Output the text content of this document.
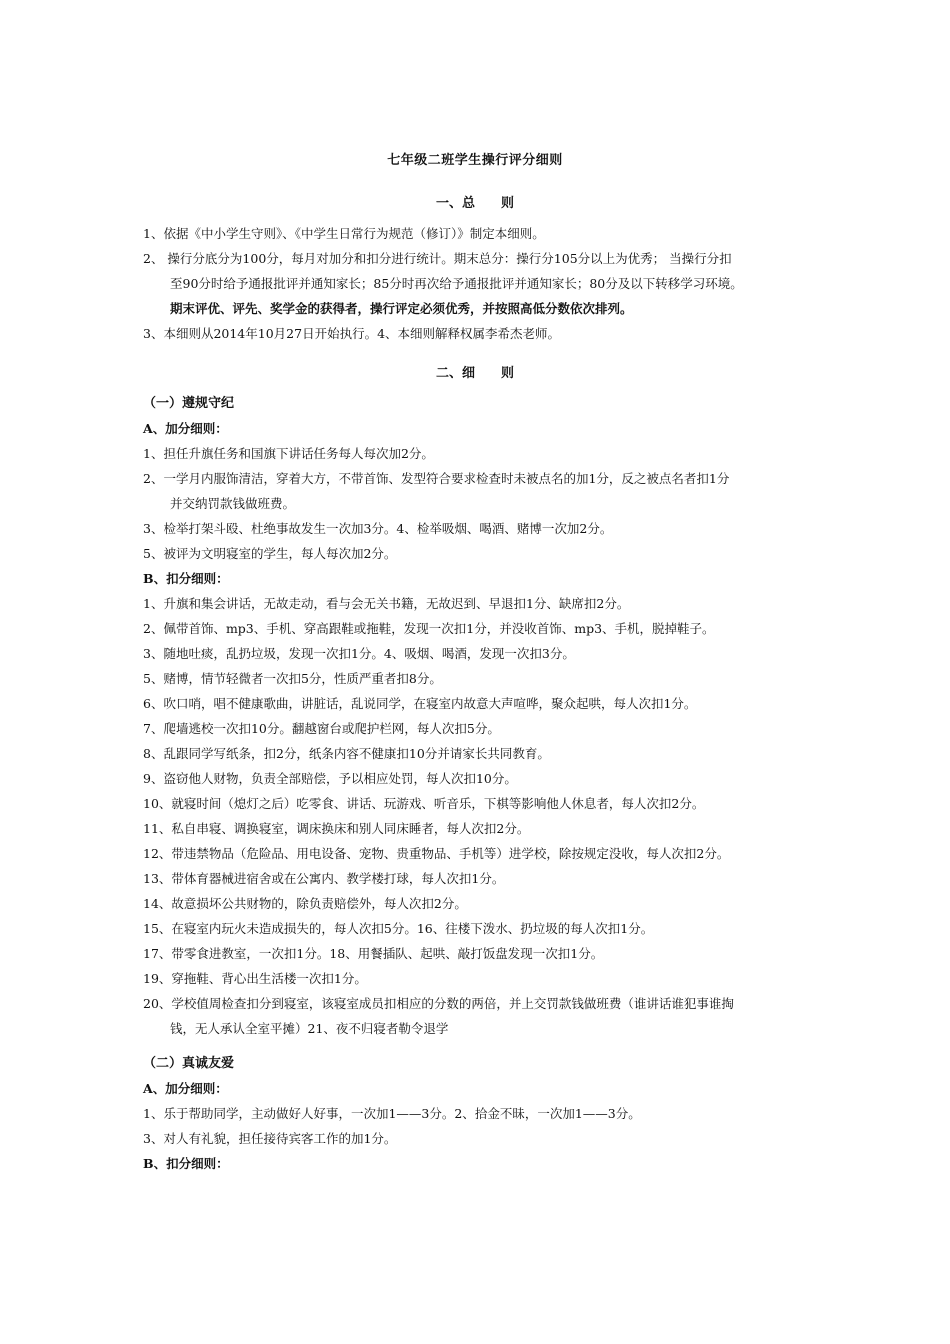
七年级二班学生操行评分细则
一、总　　则
1、依据《中小学生守则》、《中学生日常行为规范（修订）》制定本细则。
2、 操行分底分为100分，每月对加分和扣分进行统计。期末总分：操行分105分以上为优秀； 当操行分扣
至90分时给予通报批评并通知家长；85分时再次给予通报批评并通知家长；80分及以下转移学习环境。
期末评优、评先、奖学金的获得者，操行评定必须优秀，并按照高低分数依次排列。
3、本细则从2014年10月27日开始执行。4、本细则解释权属李希杰老师。
二、细　　则
（一）遵规守纪
A、加分细则：
1、担任升旗任务和国旗下讲话任务每人每次加2分。
2、一学月内服饰清洁，穿着大方，不带首饰、发型符合要求检查时未被点名的加1分，反之被点名者扣1分
并交纳罚款钱做班费。
3、检举打架斗殴、杜绝事故发生一次加3分。4、检举吸烟、喝酒、赌博一次加2分。
5、被评为文明寝室的学生，每人每次加2分。
B、扣分细则：
1、升旗和集会讲话，无故走动，看与会无关书籍，无故迟到、早退扣1分、缺席扣2分。
2、佩带首饰、mp3、手机、穿高跟鞋或拖鞋，发现一次扣1分，并没收首饰、mp3、手机，脱掉鞋子。
3、随地吐痰，乱扔垃圾，发现一次扣1分。4、吸烟、喝酒，发现一次扣3分。
5、赌博，情节轻微者一次扣5分，性质严重者扣8分。
6、吹口哨，唱不健康歌曲，讲脏话，乱说同学，在寝室内故意大声喧哗，聚众起哄，每人次扣1分。
7、爬墙逃校一次扣10分。翻越窗台或爬护栏网，每人次扣5分。
8、乱跟同学写纸条，扣2分，纸条内容不健康扣10分并请家长共同教育。
9、盗窃他人财物，负责全部赔偿，予以相应处罚，每人次扣10分。
10、就寝时间（熄灯之后）吃零食、讲话、玩游戏、听音乐，下棋等影响他人休息者，每人次扣2分。
11、私自串寝、调换寝室，调床换床和别人同床睡者，每人次扣2分。
12、带违禁物品（危险品、用电设备、宠物、贵重物品、手机等）进学校，除按规定没收，每人次扣2分。
13、带体育器械进宿舍或在公寓内、教学楼打球，每人次扣1分。
14、故意损坏公共财物的，除负责赔偿外，每人次扣2分。
15、在寝室内玩火未造成损失的，每人次扣5分。16、往楼下泼水、扔垃圾的每人次扣1分。
17、带零食进教室，一次扣1分。18、用餐插队、起哄、敲打饭盘发现一次扣1分。
19、穿拖鞋、背心出生活楼一次扣1分。
20、学校值周检查扣分到寝室，该寝室成员扣相应的分数的两倍，并上交罚款钱做班费（谁讲话谁犯事谁掏
钱，无人承认全室平摊）21、夜不归寝者勒令退学
（二）真诚友爱
A、加分细则：
1、乐于帮助同学，主动做好人好事，一次加1——3分。2、拾金不昧，一次加1——3分。
3、对人有礼貌，担任接待宾客工作的加1分。
B、扣分细则：
